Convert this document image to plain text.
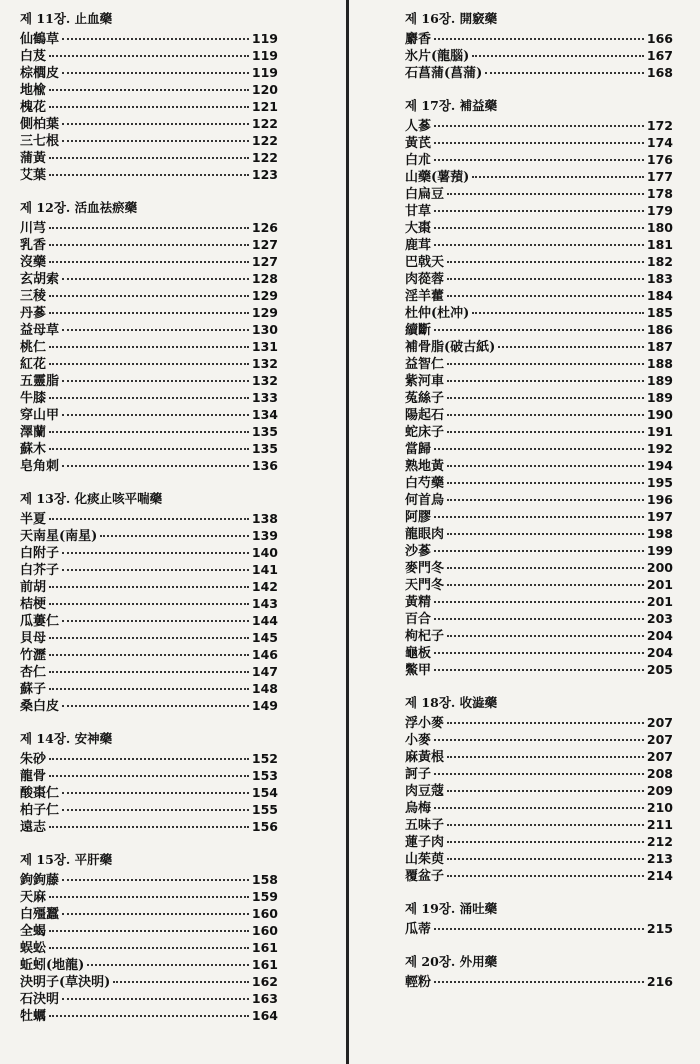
제 11장. 止血藥
仙鶴草	119
白芨	119
棕櫚皮	119
地楡	120
槐花	121
側柏葉	122
三七根	122
蒲黃	122
艾葉	123
제 12장. 活血祛瘀藥
川芎	126
乳香	127
沒藥	127
玄胡索	128
三稜	129
丹蔘	129
益母草	130
桃仁	131
紅花	132
五靈脂	132
牛膝	133
穿山甲	134
澤蘭	135
蘇木	135
皂角刺	136
제 13장. 化痰止咳平喘藥
半夏	138
天南星(南星)	139
白附子	140
白芥子	141
前胡	142
桔梗	143
瓜蔞仁	144
貝母	145
竹瀝	146
杏仁	147
蘇子	148
桑白皮	149
제 14장. 安神藥
朱砂	152
龍骨	153
酸棗仁	154
柏子仁	155
遠志	156
제 15장. 平肝藥
鉤鉤藤	158
天麻	159
白殭蠶	160
全蝎	160
蜈蚣	161
蚯蚓(地龍)	161
決明子(草決明)	162
石決明	163
牡蠣	164
제 16장. 開竅藥
麝香	166
氷片(龍腦)	167
石菖蒲(菖蒲)	168
제 17장. 補益藥
人蔘	172
黃芪	174
白朮	176
山藥(薯蕷)	177
白扁豆	178
甘草	179
大棗	180
鹿茸	181
巴戟天	182
肉蓯蓉	183
淫羊藿	184
杜仲(杜冲)	185
續斷	186
補骨脂(破古紙)	187
益智仁	188
紫河車	189
菟絲子	189
陽起石	190
蛇床子	191
當歸	192
熟地黃	194
白芍藥	195
何首烏	196
阿膠	197
龍眼肉	198
沙蔘	199
麥門冬	200
天門冬	201
黃精	201
百合	203
枸杞子	204
龜板	204
鱉甲	205
제 18장. 收澁藥
浮小麥	207
小麥	207
麻黃根	207
訶子	208
肉豆蔻	209
烏梅	210
五味子	211
蓮子肉	212
山茱萸	213
覆盆子	214
제 19장. 涌吐藥
瓜蒂	215
제 20장. 外用藥
輕粉	216
